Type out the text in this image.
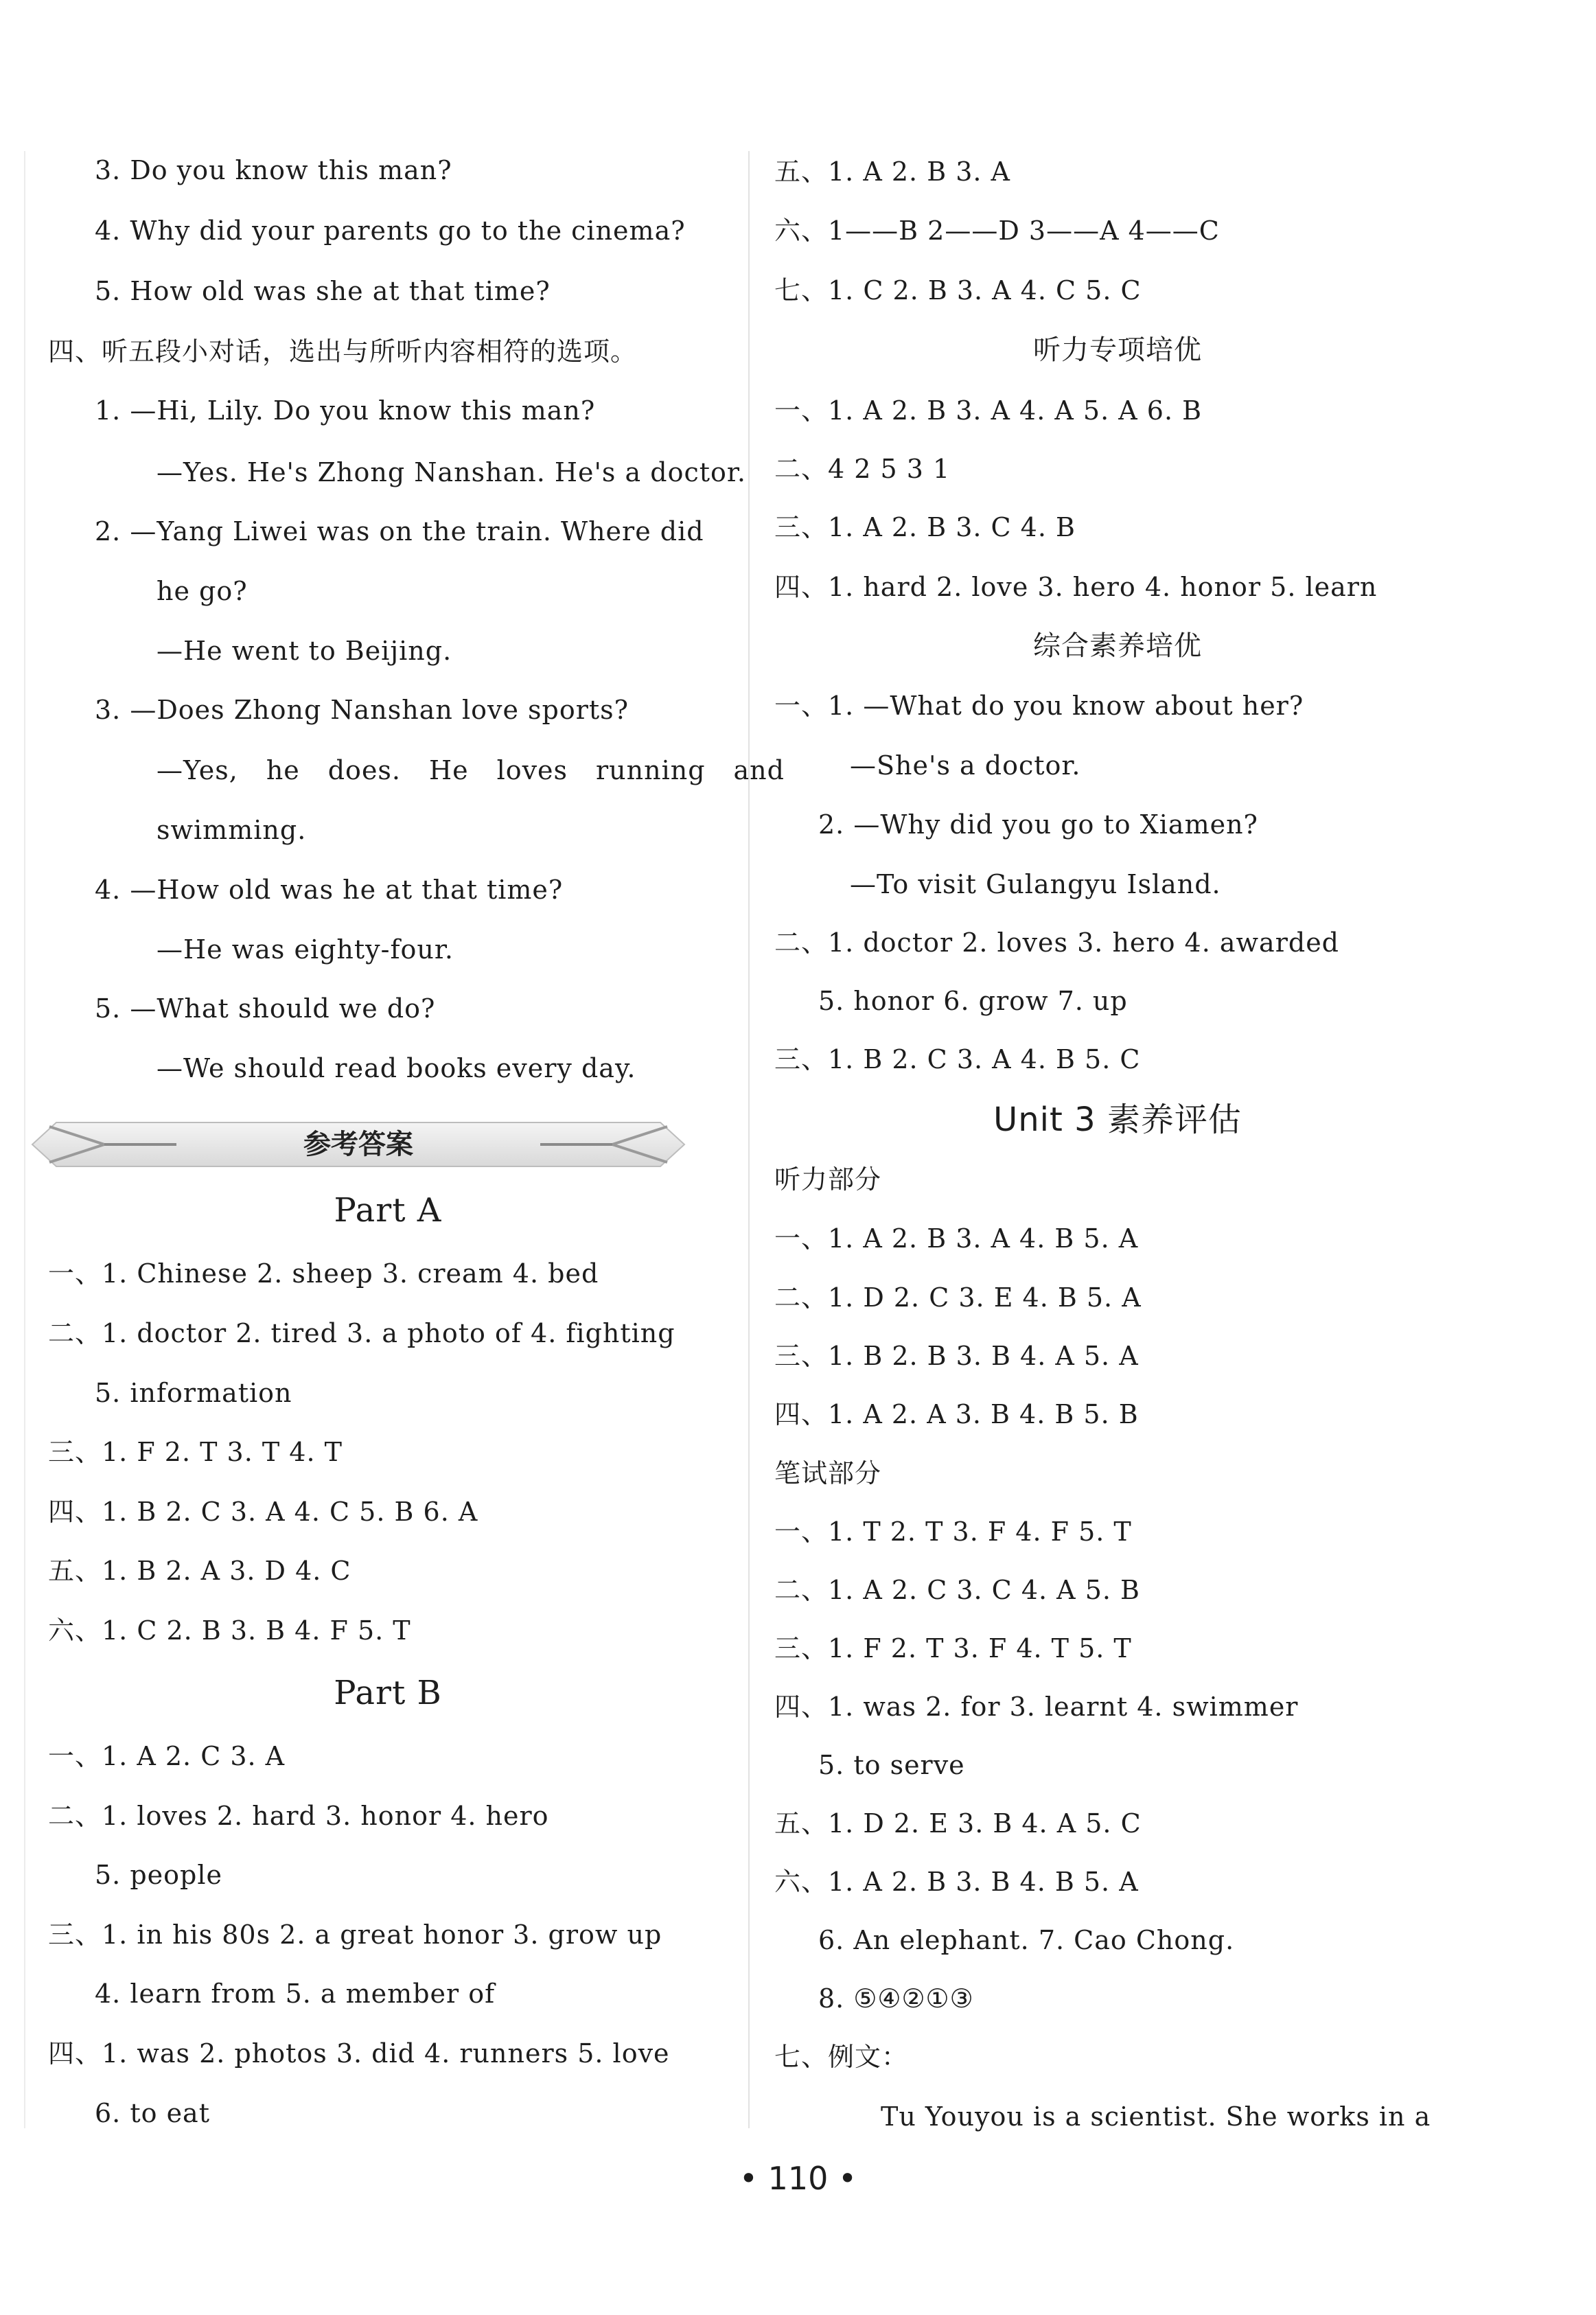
3. Do you know this man?
4. Why did your parents go to the cinema?
5. How old was she at that time?
四、听五段小对话，选出与所听内容相符的选项。
1. —Hi, Lily. Do you know this man?
—Yes. He's Zhong Nanshan. He's a doctor.
2. —Yang Liwei was on the train. Where did
he go?
—He went to Beijing.
3. —Does Zhong Nanshan love sports?
—Yes, he does. He loves running and
swimming.
4. —How old was he at that time?
—He was eighty-four.
5. —What should we do?
—We should read books every day.
参考答案
Part A
一、1. Chinese 2. sheep 3. cream 4. bed
二、1. doctor 2. tired 3. a photo of 4. fighting
5. information
三、1. F 2. T 3. T 4. T
四、1. B 2. C 3. A 4. C 5. B 6. A
五、1. B 2. A 3. D 4. C
六、1. C 2. B 3. B 4. F 5. T
Part B
一、1. A 2. C 3. A
二、1. loves 2. hard 3. honor 4. hero
5. people
三、1. in his 80s 2. a great honor 3. grow up
4. learn from 5. a member of
四、1. was 2. photos 3. did 4. runners 5. love
6. to eat
五、1. A 2. B 3. A
六、1——B 2——D 3——A 4——C
七、1. C 2. B 3. A 4. C 5. C
听力专项培优
一、1. A 2. B 3. A 4. A 5. A 6. B
二、4 2 5 3 1
三、1. A 2. B 3. C 4. B
四、1. hard 2. love 3. hero 4. honor 5. learn
综合素养培优
一、1. —What do you know about her?
—She's a doctor.
2. —Why did you go to Xiamen?
—To visit Gulangyu Island.
二、1. doctor 2. loves 3. hero 4. awarded
5. honor 6. grow 7. up
三、1. B 2. C 3. A 4. B 5. C
Unit 3 素养评估
听力部分
一、1. A 2. B 3. A 4. B 5. A
二、1. D 2. C 3. E 4. B 5. A
三、1. B 2. B 3. B 4. A 5. A
四、1. A 2. A 3. B 4. B 5. B
笔试部分
一、1. T 2. T 3. F 4. F 5. T
二、1. A 2. C 3. C 4. A 5. B
三、1. F 2. T 3. F 4. T 5. T
四、1. was 2. for 3. learnt 4. swimmer
5. to serve
五、1. D 2. E 3. B 4. A 5. C
六、1. A 2. B 3. B 4. B 5. A
6. An elephant. 7. Cao Chong.
8. ⑤④②①③
七、例文：
Tu Youyou is a scientist. She works in a
• 110 •
